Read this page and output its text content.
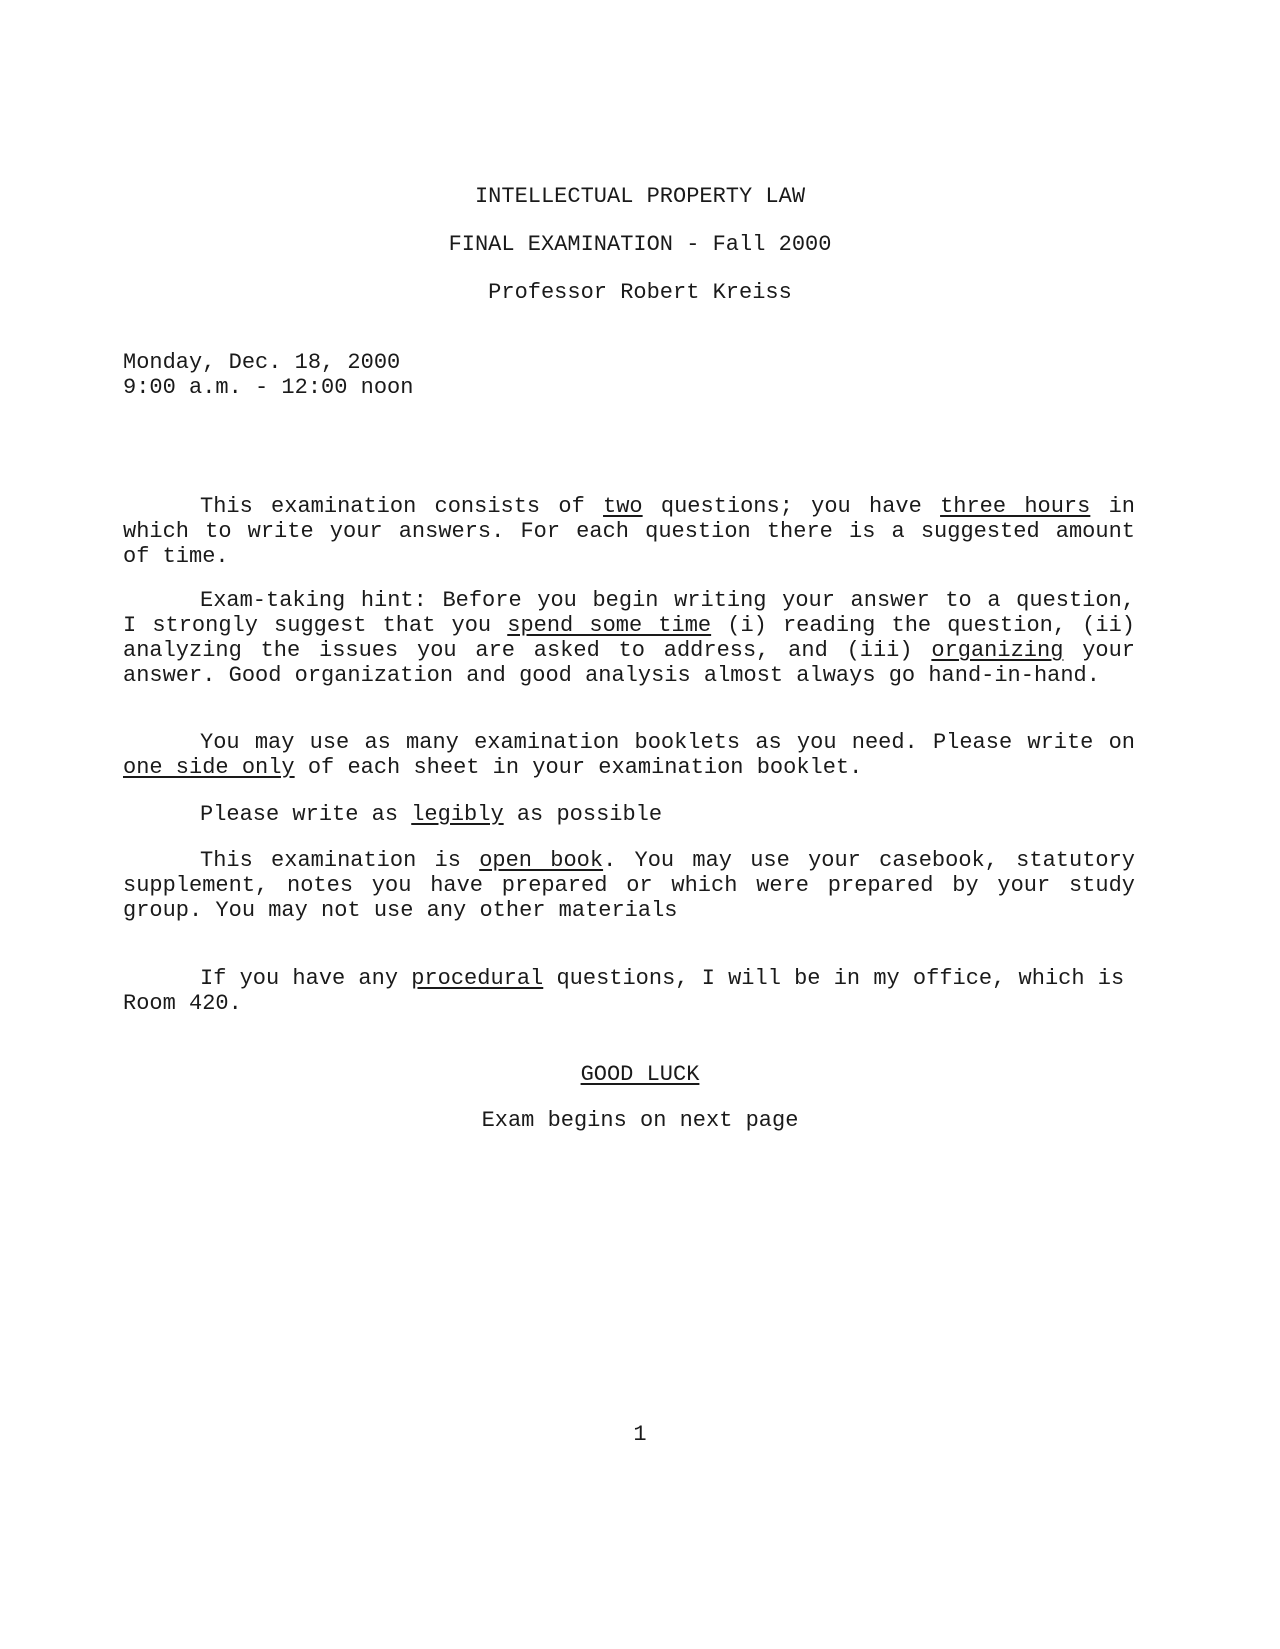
INTELLECTUAL PROPERTY LAW
FINAL EXAMINATION - Fall 2000
Professor Robert Kreiss
Monday, Dec. 18, 2000
9:00 a.m. - 12:00 noon
This examination consists of two questions; you have three hours in which to write your answers. For each question there is a suggested amount of time.
Exam-taking hint: Before you begin writing your answer to a question, I strongly suggest that you spend some time (i) reading the question, (ii) analyzing the issues you are asked to address, and (iii) organizing your answer. Good organization and good analysis almost always go hand-in-hand.
You may use as many examination booklets as you need. Please write on one side only of each sheet in your examination booklet.
Please write as legibly as possible
This examination is open book. You may use your casebook, statutory supplement, notes you have prepared or which were prepared by your study group. You may not use any other materials
If you have any procedural questions, I will be in my office, which is Room 420.
GOOD LUCK
Exam begins on next page
1
